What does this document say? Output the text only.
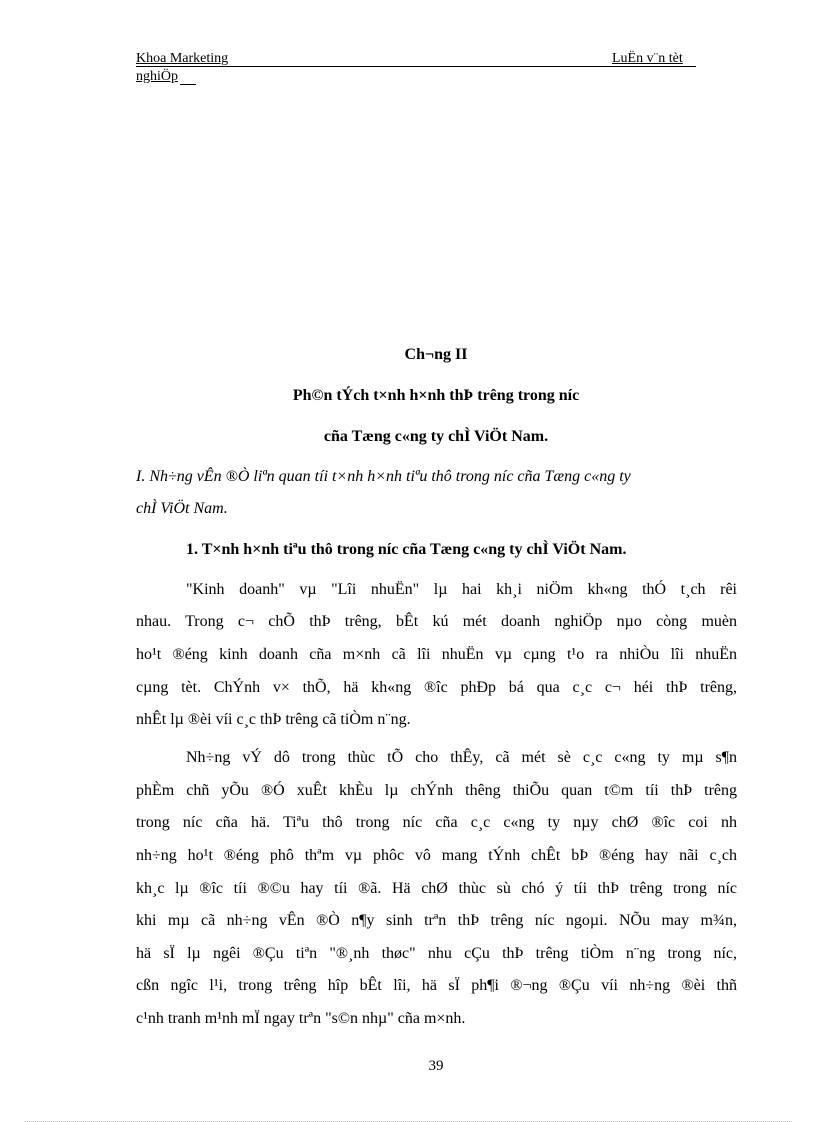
Khoa Marketing	LuËn v¨n tèt
nghiÖp
Ch¬ng II
Ph©n tÝch t×nh h×nh thÞ trêng trong níc
cña Tæng c«ng ty chÌ ViÖt Nam.
I. Nh÷ng vÊn ®Ò liªn quan tíi t×nh h×nh tiªu thô trong níc cña Tæng c«ng ty
chÌ ViÖt Nam.
1. T×nh h×nh tiªu thô trong níc cña Tæng c«ng ty chÌ ViÖt Nam.
"Kinh doanh" vµ "Lîi nhuËn" lµ hai kh¸i niÖm kh«ng thÓ t¸ch rêi
nhau. Trong c¬ chÕ thÞ trêng, bÊt kú mét doanh nghiÖp nµo còng muèn
ho¹t ®éng kinh doanh cña m×nh cã lîi nhuËn vµ cµng t¹o ra nhiÒu lîi nhuËn
cµng tèt. ChÝnh v× thÕ, hä kh«ng ®îc phÐp bá qua c¸c c¬ héi thÞ trêng,
nhÊt lµ ®èi víi c¸c thÞ trêng cã tiÒm n¨ng.
Nh÷ng vÝ dô trong thùc tÕ cho thÊy, cã mét sè c¸c c«ng ty mµ s¶n
phÈm chñ yÕu ®Ó xuÊt khÈu lµ chÝnh thêng thiÕu quan t©m tíi thÞ trêng
trong níc cña hä. Tiªu thô trong níc cña c¸c c«ng ty nµy chØ ®îc coi nh
nh÷ng ho¹t ®éng phô thªm vµ phôc vô mang tÝnh chÊt bÞ ®éng hay nãi c¸ch
kh¸c lµ ®îc tíi ®©u hay tíi ®ã. Hä chØ thùc sù chó ý tíi thÞ trêng trong níc
khi mµ cã nh÷ng vÊn ®Ò n¶y sinh trªn thÞ trêng níc ngoµi. NÕu may m¾n,
hä sÏ lµ ngêi ®Çu tiªn "®¸nh thøc" nhu cÇu thÞ trêng tiÒm n¨ng trong níc,
cßn ngîc l¹i, trong trêng hîp bÊt lîi, hä sÏ ph¶i ®¬ng ®Çu víi nh÷ng ®èi thñ
c¹nh tranh m¹nh mÏ ngay trªn "s©n nhµ" cña m×nh.
39
